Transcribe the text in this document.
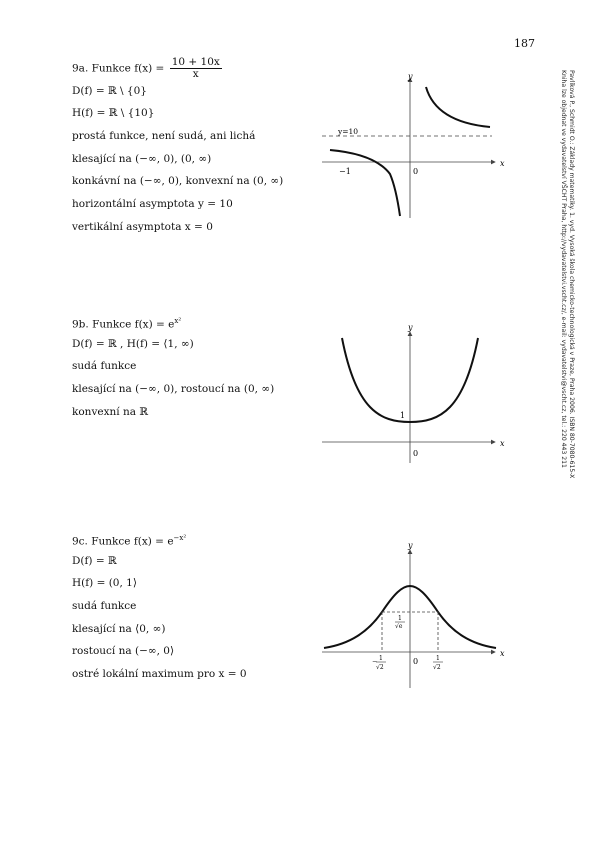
187
Pavlíková P., Schmidt O.: Základy matematiky. 1. vyd. Vysoká škola chemicko-technologická v Praze, Praha 2006. ISBN 80-7080-615-X
Kniha lze objednat ve vydavatelství VŠCHT Praha, http://vydavatelstvi.vscht.cz/, e-mail: vydavatelstvi@vscht.cz, tel.: 220 443 211
9a. Funkce $f(x) = \frac{10 + 10x}{x}$
D(f) = ℝ \ {0}
H(f) = ℝ \ {10}
prostá funkce, není sudá, ani lichá
klesající na (−∞, 0), (0, ∞)
konkávní na (−∞, 0), konvexní na (0, ∞)
horizontální asymptota y = 10
vertikální asymptota x = 0
x
y
y=10
−1	0
9b. Funkce $f(x) = e^{x^2}$
D(f) = ℝ , H(f) = ⟨1, ∞)
sudá funkce
klesající na (−∞, 0), rostoucí na (0, ∞)
konvexní na ℝ
x
y
1
0
9c. Funkce $f(x) = e^{-x^2}$
D(f) = ℝ
H(f) = (0, 1⟩
sudá funkce
klesající na ⟨0, ∞)
rostoucí na (−∞, 0⟩
ostré lokální maximum pro x = 0
x
y
1
√e
− 1
√2
0	1
√2
